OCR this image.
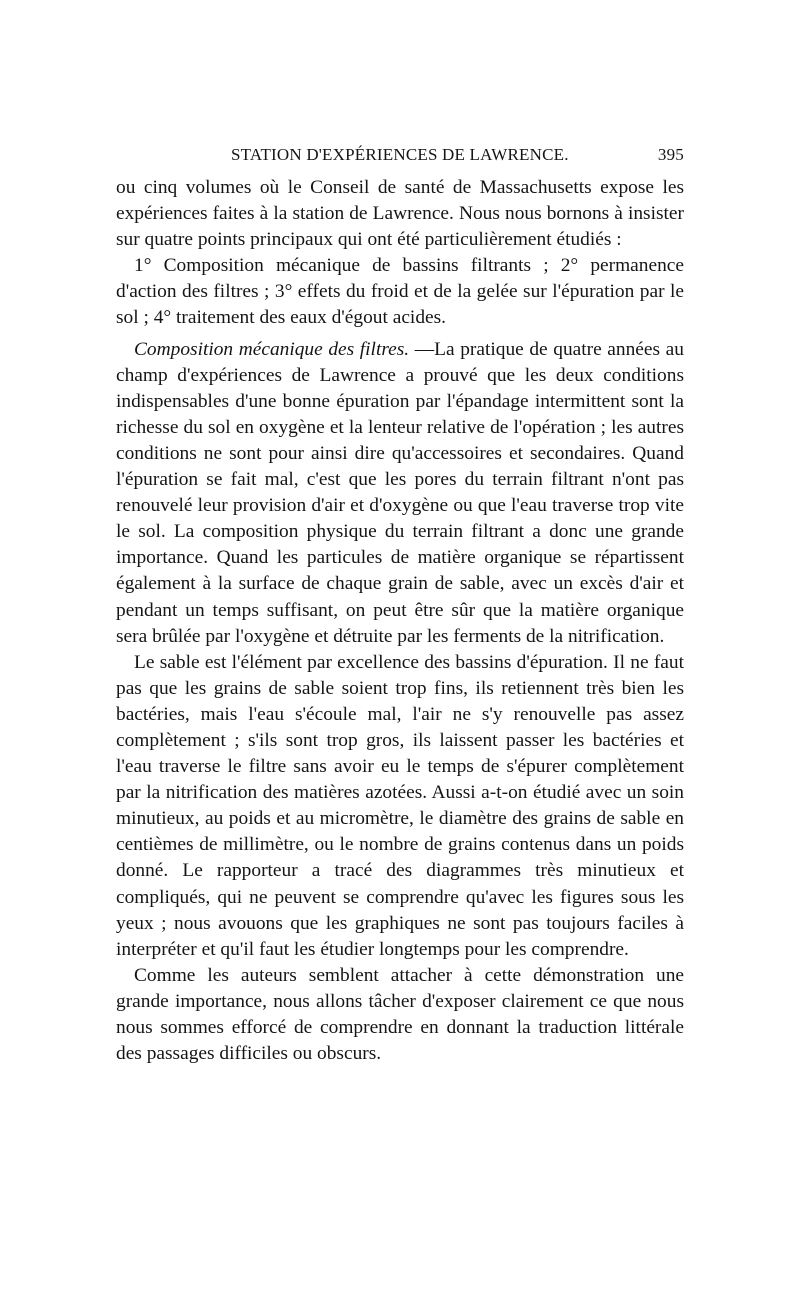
STATION D'EXPÉRIENCES DE LAWRENCE.	395

ou cinq volumes où le Conseil de santé de Massachusetts expose les expériences faites à la station de Lawrence. Nous nous bornons à insister sur quatre points principaux qui ont été particulièrement étudiés :

1° Composition mécanique de bassins filtrants ; 2° permanence d'action des filtres ; 3° effets du froid et de la gelée sur l'épuration par le sol ; 4° traitement des eaux d'égout acides.

Composition mécanique des filtres. —La pratique de quatre années au champ d'expériences de Lawrence a prouvé que les deux conditions indispensables d'une bonne épuration par l'épandage intermittent sont la richesse du sol en oxygène et la lenteur relative de l'opération ; les autres conditions ne sont pour ainsi dire qu'accessoires et secondaires. Quand l'épuration se fait mal, c'est que les pores du terrain filtrant n'ont pas renouvelé leur provision d'air et d'oxygène ou que l'eau traverse trop vite le sol. La composition physique du terrain filtrant a donc une grande importance. Quand les particules de matière organique se répartissent également à la surface de chaque grain de sable, avec un excès d'air et pendant un temps suffisant, on peut être sûr que la matière organique sera brûlée par l'oxygène et détruite par les ferments de la nitrification.

Le sable est l'élément par excellence des bassins d'épuration. Il ne faut pas que les grains de sable soient trop fins, ils retiennent très bien les bactéries, mais l'eau s'écoule mal, l'air ne s'y renouvelle pas assez complètement ; s'ils sont trop gros, ils laissent passer les bactéries et l'eau traverse le filtre sans avoir eu le temps de s'épurer complètement par la nitrification des matières azotées. Aussi a-t-on étudié avec un soin minutieux, au poids et au micromètre, le diamètre des grains de sable en centièmes de millimètre, ou le nombre de grains contenus dans un poids donné. Le rapporteur a tracé des diagrammes très minutieux et compliqués, qui ne peuvent se comprendre qu'avec les figures sous les yeux ; nous avouons que les graphiques ne sont pas toujours faciles à interpréter et qu'il faut les étudier longtemps pour les comprendre.

Comme les auteurs semblent attacher à cette démonstration une grande importance, nous allons tâcher d'exposer clairement ce que nous nous sommes efforcé de comprendre en donnant la traduction littérale des passages difficiles ou obscurs.
